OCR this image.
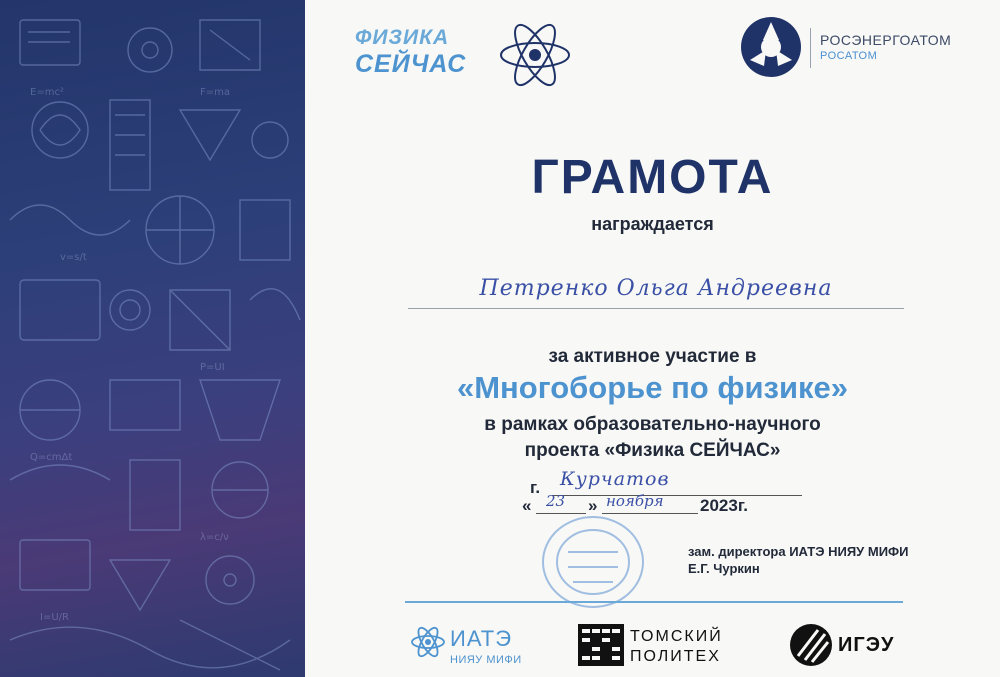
E=mc²	F=ma
v=s/t
P=UI
Q=cmΔt
λ=c/ν
I=U/R
ФИЗИКА
СЕЙЧАС
РОСЭНЕРГОАТОМ
РОСАТОМ
ГРАМОТА
награждается
Петренко Ольга Андреевна
за активное участие в
«Многоборье по физике»
в рамках образовательно-научного
проекта «Физика СЕЙЧАС»
г. Курчатов
« 23 » ноября 2023г.
зам. директора ИАТЭ НИЯУ МИФИ
Е.Г. Чуркин
ИАТЭ
НИЯУ МИФИ
ТОМСКИЙ
ПОЛИТЕХ
ИГЭУ
